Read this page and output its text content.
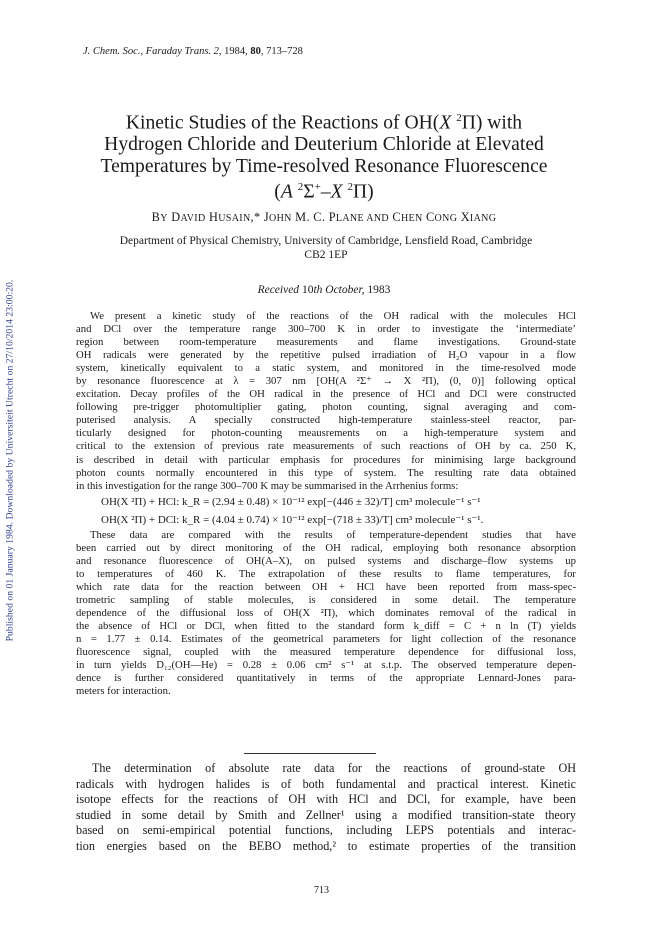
Published on 01 January 1984. Downloaded by Universiteit Utrecht on 27/10/2014 23:00:20.
J. Chem. Soc., Faraday Trans. 2, 1984, 80, 713–728
Kinetic Studies of the Reactions of OH(X $^2$Π) with
Hydrogen Chloride and Deuterium Chloride at Elevated
Temperatures by Time-resolved Resonance Fluorescence
(A $^2$Σ+–X $^2$Π)
BY DAVID HUSAIN,* JOHN M. C. PLANE AND CHEN CONG XIANG
Department of Physical Chemistry, University of Cambridge, Lensfield Road, Cambridge
CB2 1EP
Received 10th October, 1983
We present a kinetic study of the reactions of the OH radical with the molecules HCl
and DCl over the temperature range 300–700 K in order to investigate the ‘intermediate’
region between room-temperature measurements and flame investigations. Ground-state
OH radicals were generated by the repetitive pulsed irradiation of H₂O vapour in a flow
system, kinetically equivalent to a static system, and monitored in the time-resolved mode
by resonance fluorescence at λ = 307 nm [OH(A ²Σ⁺ → X ²Π), (0, 0)] following optical
excitation. Decay profiles of the OH radical in the presence of HCl and DCl were constructed
following pre-trigger photomultiplier gating, photon counting, signal averaging and com-
puterised analysis. A specially constructed high-temperature stainless-steel reactor, par-
ticularly designed for photon-counting meausrements on a high-temperature system and
critical to the extension of previous rate measurements of such reactions of OH by ca. 250 K,
is described in detail with particular emphasis for procedures for minimising large background
photon counts normally encountered in this type of system. The resulting rate data obtained
in this investigation for the range 300–700 K may be summarised in the Arrhenius forms:
OH(X ²Π) + HCl: k_R = (2.94 ± 0.48) × 10⁻¹² exp[−(446 ± 32)/T] cm³ molecule⁻¹ s⁻¹
OH(X ²Π) + DCl: k_R = (4.04 ± 0.74) × 10⁻¹² exp[−(718 ± 33)/T] cm³ molecule⁻¹ s⁻¹.
These data are compared with the results of temperature-dependent studies that have
been carried out by direct monitoring of the OH radical, employing both resonance absorption
and resonance fluorescence of OH(A–X), on pulsed systems and discharge–flow systems up
to temperatures of 460 K. The extrapolation of these results to flame temperatures, for
which rate data for the reaction between OH + HCl have been reported from mass-spec-
trometric sampling of stable molecules, is considered in some detail. The temperature
dependence of the diffusional loss of OH(X ²Π), which dominates removal of the radical in
the absence of HCl or DCl, when fitted to the standard form k_diff = C + n ln (T) yields
n = 1.77 ± 0.14. Estimates of the geometrical parameters for light collection of the resonance
fluorescence signal, coupled with the measured temperature dependence for diffusional loss,
in turn yields D₁₂(OH—He) = 0.28 ± 0.06 cm² s⁻¹ at s.t.p. The observed temperature depen-
dence is further considered quantitatively in terms of the appropriate Lennard-Jones para-
meters for interaction.
The determination of absolute rate data for the reactions of ground-state OH
radicals with hydrogen halides is of both fundamental and practical interest. Kinetic
isotope effects for the reactions of OH with HCl and DCl, for example, have been
studied in some detail by Smith and Zellner¹ using a modified transition-state theory
based on semi-empirical potential functions, including LEPS potentials and interac-
tion energies based on the BEBO method,² to estimate properties of the transition
713
